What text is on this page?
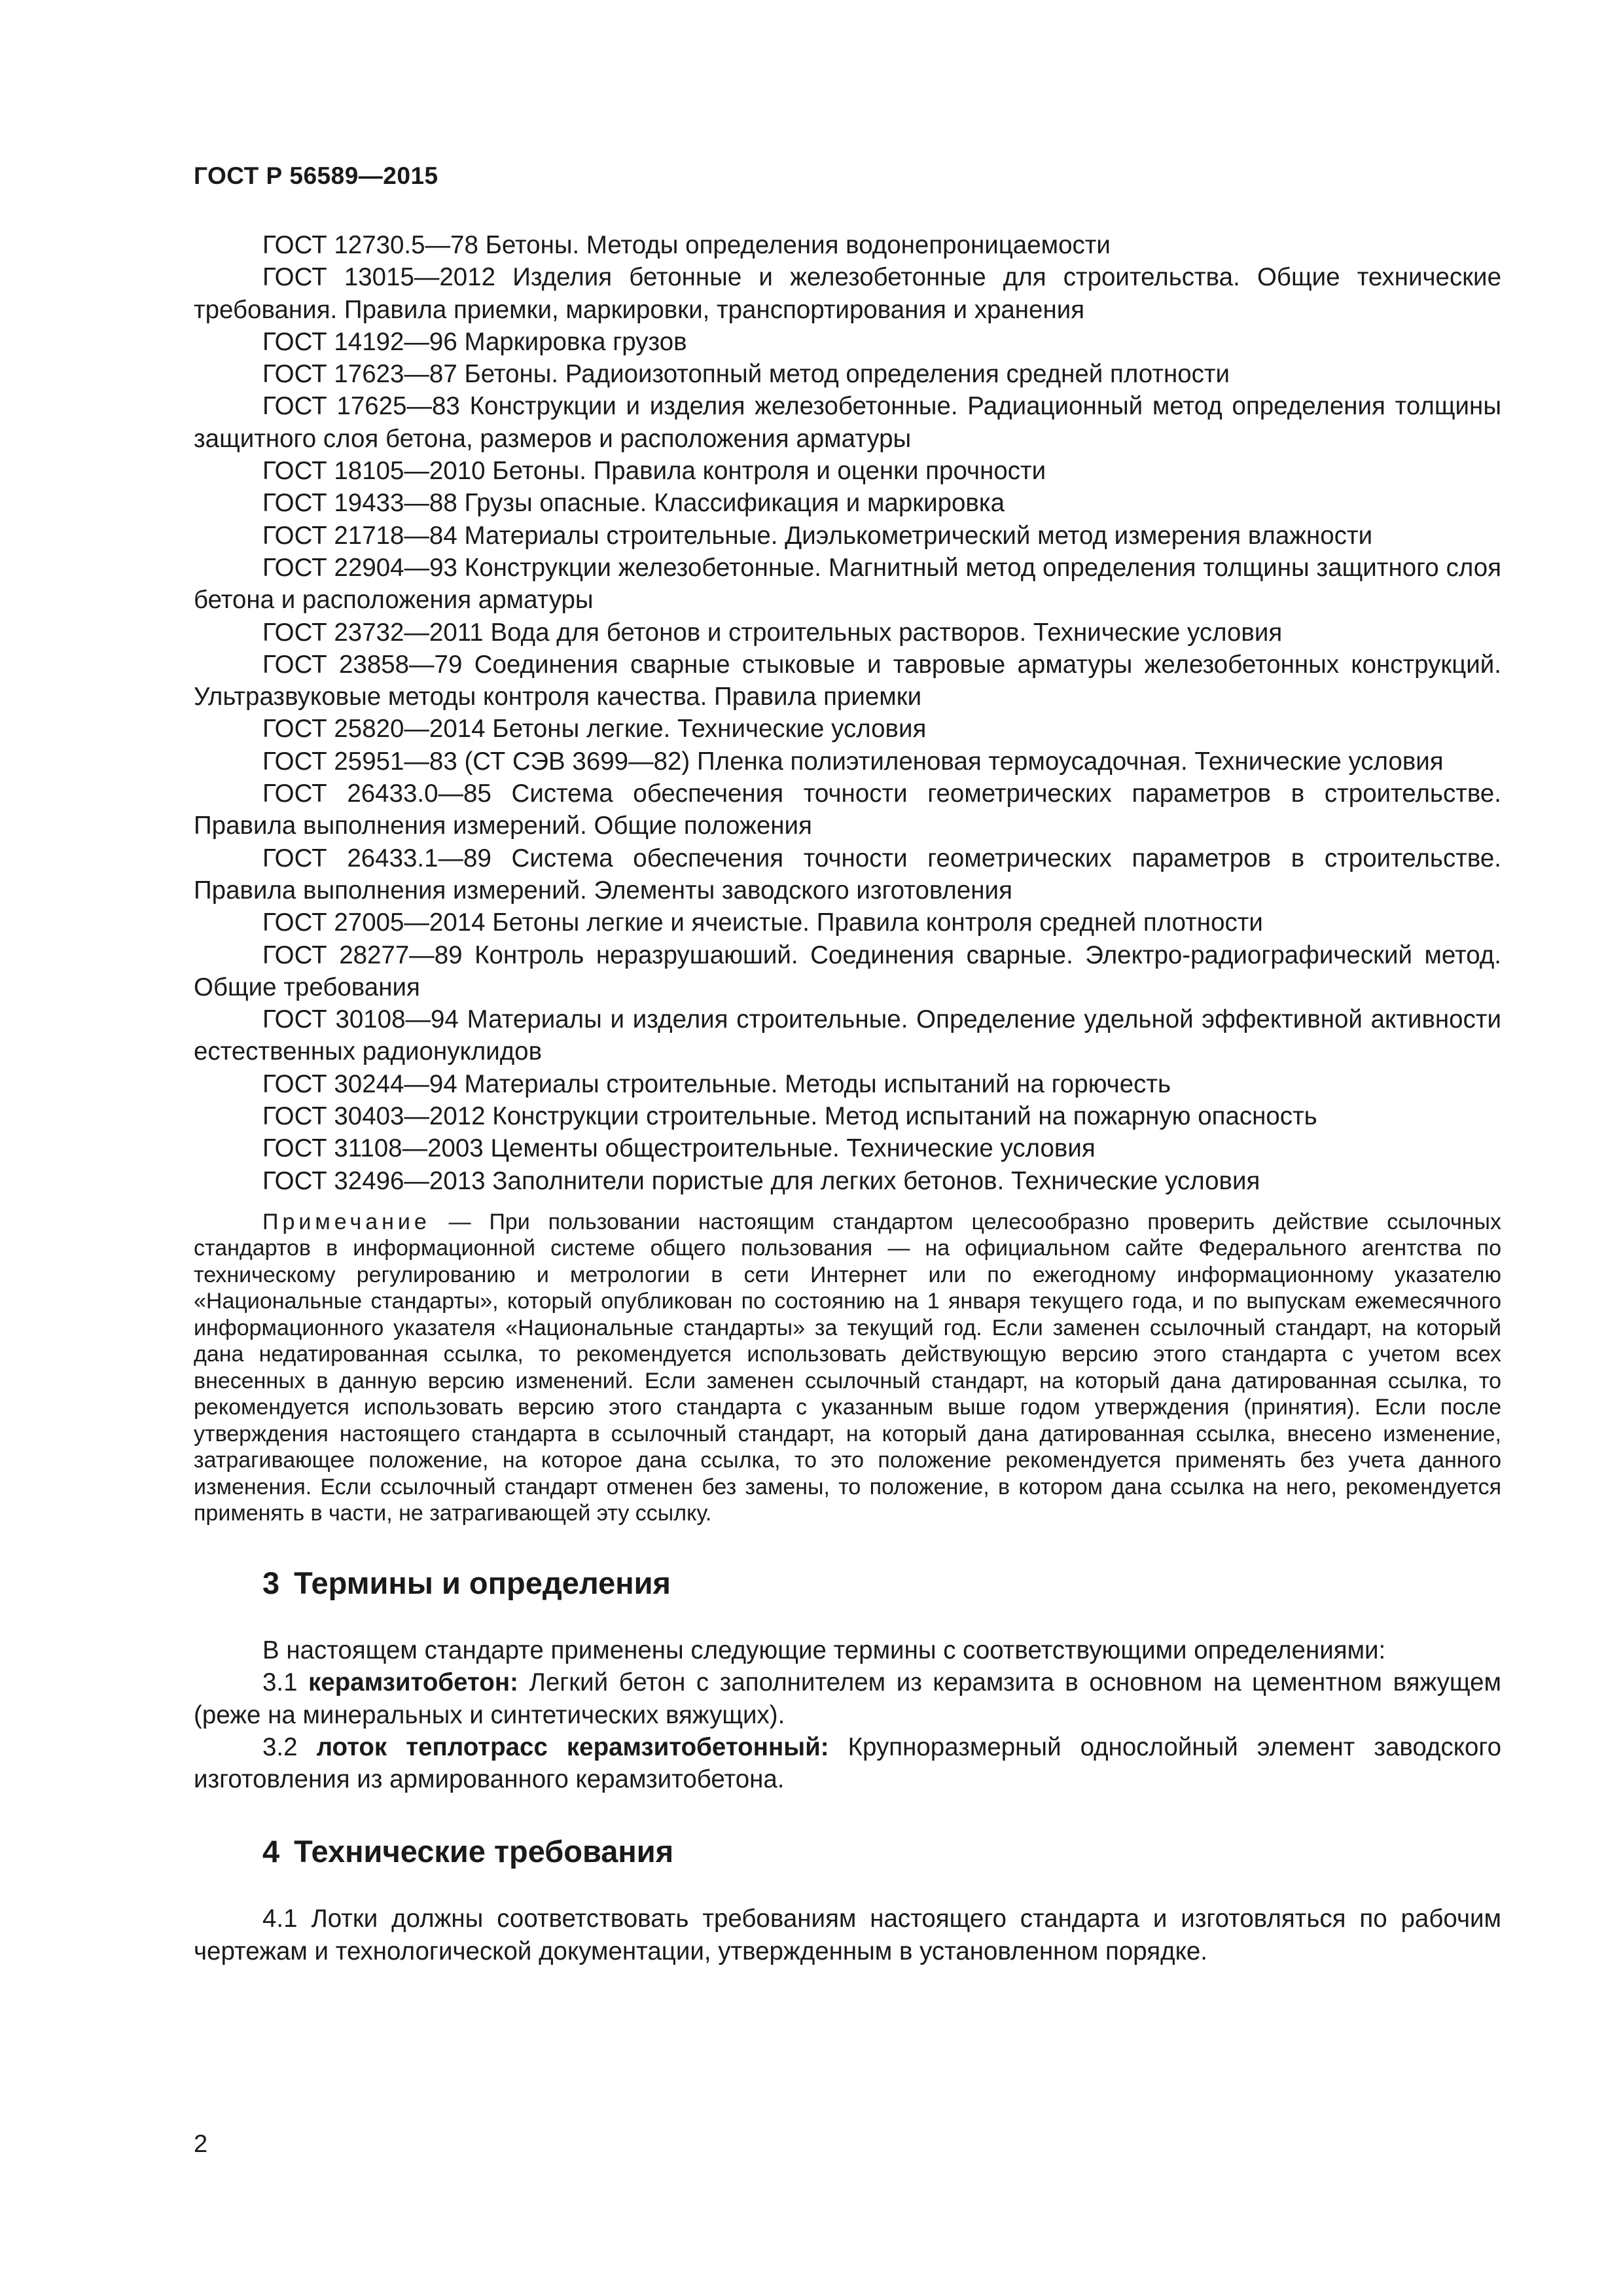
ГОСТ Р 56589—2015

ГОСТ 12730.5—78 Бетоны. Методы определения водонепроницаемости

ГОСТ 13015—2012 Изделия бетонные и железобетонные для строительства. Общие технические требования. Правила приемки, маркировки, транспортирования и хранения

ГОСТ 14192—96 Маркировка грузов

ГОСТ 17623—87 Бетоны. Радиоизотопный метод определения средней плотности

ГОСТ 17625—83 Конструкции и изделия железобетонные. Радиационный метод определения толщины защитного слоя бетона, размеров и расположения арматуры

ГОСТ 18105—2010 Бетоны. Правила контроля и оценки прочности

ГОСТ 19433—88 Грузы опасные. Классификация и маркировка

ГОСТ 21718—84 Материалы строительные. Диэлькометрический метод измерения влажности

ГОСТ 22904—93 Конструкции железобетонные. Магнитный метод определения толщины защитного слоя бетона и расположения арматуры

ГОСТ 23732—2011 Вода для бетонов и строительных растворов. Технические условия

ГОСТ 23858—79 Соединения сварные стыковые и тавровые арматуры железобетонных конструкций. Ультразвуковые методы контроля качества. Правила приемки

ГОСТ 25820—2014 Бетоны легкие. Технические условия

ГОСТ 25951—83 (СТ СЭВ 3699—82) Пленка полиэтиленовая термоусадочная. Технические условия

ГОСТ 26433.0—85 Система обеспечения точности геометрических параметров в строительстве. Правила выполнения измерений. Общие положения

ГОСТ 26433.1—89 Система обеспечения точности геометрических параметров в строительстве. Правила выполнения измерений. Элементы заводского изготовления

ГОСТ 27005—2014 Бетоны легкие и ячеистые. Правила контроля средней плотности

ГОСТ 28277—89 Контроль неразрушаюший. Соединения сварные. Электро-радиографический метод. Общие требования

ГОСТ 30108—94 Материалы и изделия строительные. Определение удельной эффективной активности естественных радионуклидов

ГОСТ 30244—94 Материалы строительные. Методы испытаний на горючесть

ГОСТ 30403—2012 Конструкции строительные. Метод испытаний на пожарную опасность

ГОСТ 31108—2003 Цементы общестроительные. Технические условия

ГОСТ 32496—2013 Заполнители пористые для легких бетонов. Технические условия

Примечание — При пользовании настоящим стандартом целесообразно проверить действие ссылочных стандартов в информационной системе общего пользования — на официальном сайте Федерального агентства по техническому регулированию и метрологии в сети Интернет или по ежегодному информационному указателю «Национальные стандарты», который опубликован по состоянию на 1 января текущего года, и по выпускам ежемесячного информационного указателя «Национальные стандарты» за текущий год. Если заменен ссылочный стандарт, на который дана недатированная ссылка, то рекомендуется использовать действующую версию этого стандарта с учетом всех внесенных в данную версию изменений. Если заменен ссылочный стандарт, на который дана датированная ссылка, то рекомендуется использовать версию этого стандарта с указанным выше годом утверждения (принятия). Если после утверждения настоящего стандарта в ссылочный стандарт, на который дана датированная ссылка, внесено изменение, затрагивающее положение, на которое дана ссылка, то это положение рекомендуется применять без учета данного изменения. Если ссылочный стандарт отменен без замены, то положение, в котором дана ссылка на него, рекомендуется применять в части, не затрагивающей эту ссылку.

3 Термины и определения

В настоящем стандарте применены следующие термины с соответствующими определениями:

3.1 керамзитобетон: Легкий бетон с заполнителем из керамзита в основном на цементном вяжущем (реже на минеральных и синтетических вяжущих).

3.2 лоток теплотрасс керамзитобетонный: Крупноразмерный однослойный элемент заводского изготовления из армированного керамзитобетона.

4 Технические требования

4.1 Лотки должны соответствовать требованиям настоящего стандарта и изготовляться по рабочим чертежам и технологической документации, утвержденным в установленном порядке.

2
